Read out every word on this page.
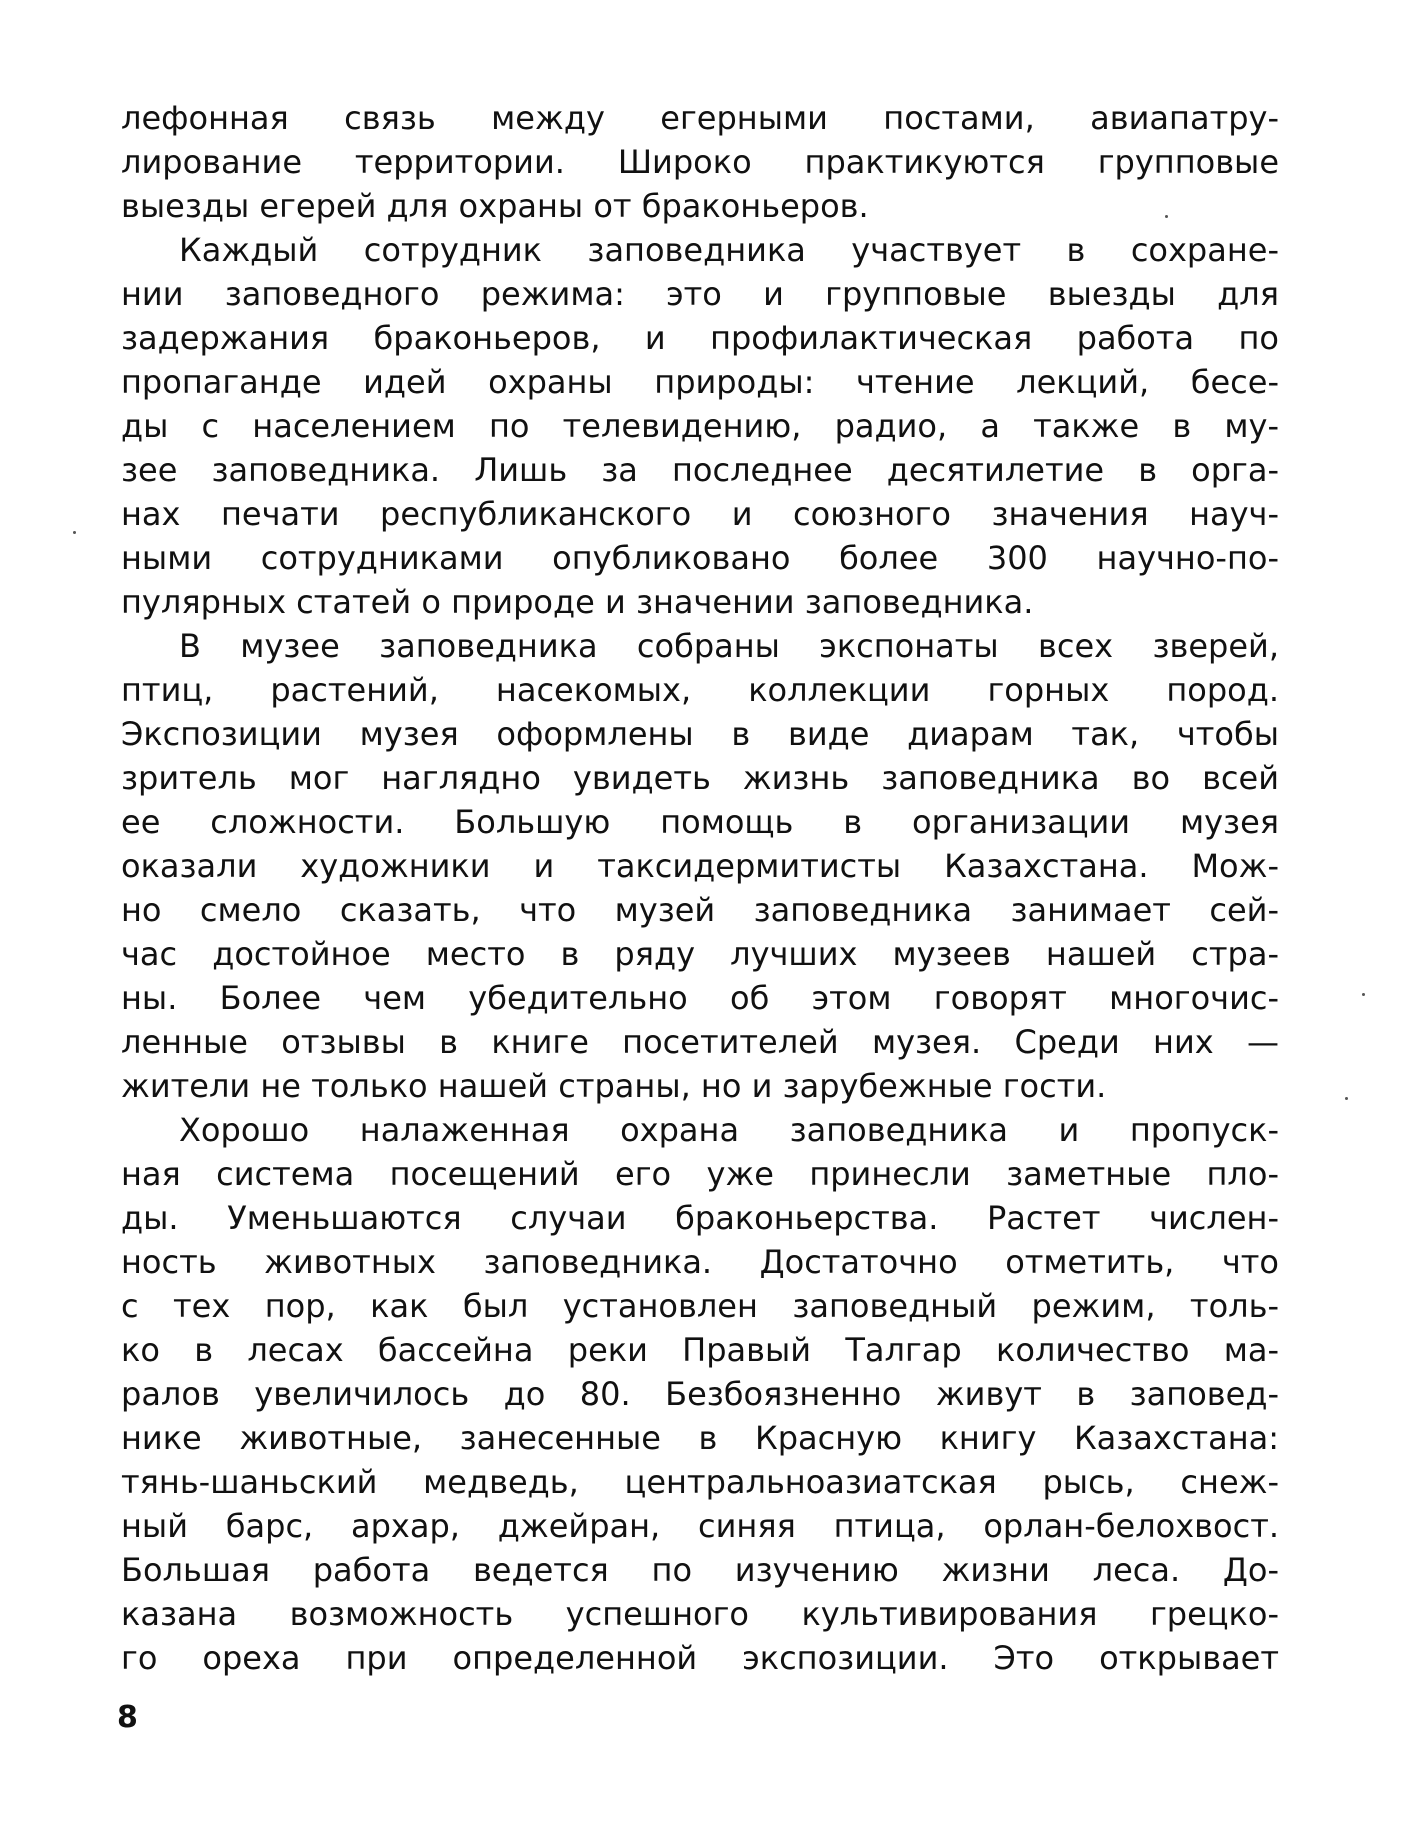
лефонная связь между егерными постами, авиапатру-
лирование территории. Широко практикуются групповые
выезды егерей для охраны от браконьеров.
Каждый сотрудник заповедника участвует в сохране-
нии заповедного режима: это и групповые выезды для
задержания браконьеров, и профилактическая работа по
пропаганде идей охраны природы: чтение лекций, бесе-
ды с населением по телевидению, радио, а также в му-
зее заповедника. Лишь за последнее десятилетие в орга-
нах печати республиканского и союзного значения науч-
ными сотрудниками опубликовано более 300 научно-по-
пулярных статей о природе и значении заповедника.
В музее заповедника собраны экспонаты всех зверей,
птиц, растений, насекомых, коллекции горных пород.
Экспозиции музея оформлены в виде диарам так, чтобы
зритель мог наглядно увидеть жизнь заповедника во всей
ее сложности. Большую помощь в организации музея
оказали художники и таксидермитисты Казахстана. Мож-
но смело сказать, что музей заповедника занимает сей-
час достойное место в ряду лучших музеев нашей стра-
ны. Более чем убедительно об этом говорят многочис-
ленные отзывы в книге посетителей музея. Среди них —
жители не только нашей страны, но и зарубежные гости.
Хорошо налаженная охрана заповедника и пропуск-
ная система посещений его уже принесли заметные пло-
ды. Уменьшаются случаи браконьерства. Растет числен-
ность животных заповедника. Достаточно отметить, что
с тех пор, как был установлен заповедный режим, толь-
ко в лесах бассейна реки Правый Талгар количество ма-
ралов увеличилось до 80. Безбоязненно живут в заповед-
нике животные, занесенные в Красную книгу Казахстана:
тянь-шаньский медведь, центральноазиатская рысь, снеж-
ный барс, архар, джейран, синяя птица, орлан-белохвост.
Большая работа ведется по изучению жизни леса. До-
казана возможность успешного культивирования грецко-
го ореха при определенной экспозиции. Это открывает
8
